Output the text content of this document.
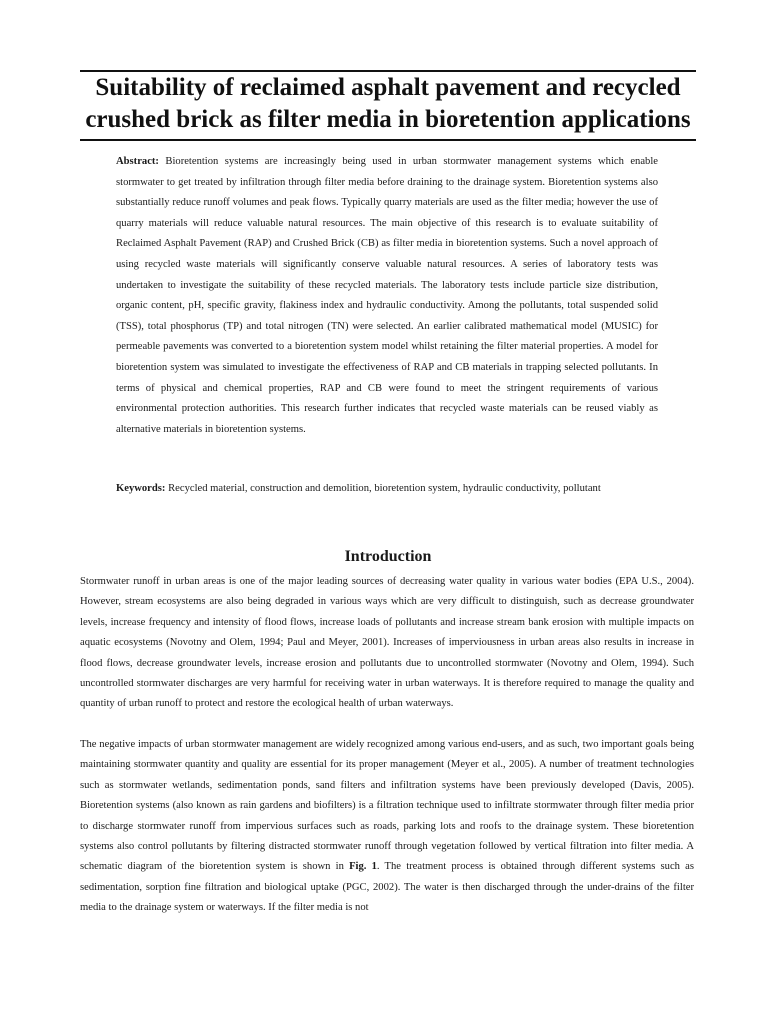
Suitability of reclaimed asphalt pavement and recycled crushed brick as filter media in bioretention applications

Abstract: Bioretention systems are increasingly being used in urban stormwater management systems which enable stormwater to get treated by infiltration through filter media before draining to the drainage system. Bioretention systems also substantially reduce runoff volumes and peak flows. Typically quarry materials are used as the filter media; however the use of quarry materials will reduce valuable natural resources. The main objective of this research is to evaluate suitability of Reclaimed Asphalt Pavement (RAP) and Crushed Brick (CB) as filter media in bioretention systems. Such a novel approach of using recycled waste materials will significantly conserve valuable natural resources. A series of laboratory tests was undertaken to investigate the suitability of these recycled materials. The laboratory tests include particle size distribution, organic content, pH, specific gravity, flakiness index and hydraulic conductivity. Among the pollutants, total suspended solid (TSS), total phosphorus (TP) and total nitrogen (TN) were selected. An earlier calibrated mathematical model (MUSIC) for permeable pavements was converted to a bioretention system model whilst retaining the filter material properties. A model for bioretention system was simulated to investigate the effectiveness of RAP and CB materials in trapping selected pollutants. In terms of physical and chemical properties, RAP and CB were found to meet the stringent requirements of various environmental protection authorities. This research further indicates that recycled waste materials can be reused viably as alternative materials in bioretention systems.

Keywords: Recycled material, construction and demolition, bioretention system, hydraulic conductivity, pollutant

Introduction

Stormwater runoff in urban areas is one of the major leading sources of decreasing water quality in various water bodies (EPA U.S., 2004). However, stream ecosystems are also being degraded in various ways which are very difficult to distinguish, such as decrease groundwater levels, increase frequency and intensity of flood flows, increase loads of pollutants and increase stream bank erosion with multiple impacts on aquatic ecosystems (Novotny and Olem, 1994; Paul and Meyer, 2001). Increases of imperviousness in urban areas also results in increase in flood flows, decrease groundwater levels, increase erosion and pollutants due to uncontrolled stormwater (Novotny and Olem, 1994). Such uncontrolled stormwater discharges are very harmful for receiving water in urban waterways. It is therefore required to manage the quality and quantity of urban runoff to protect and restore the ecological health of urban waterways.

The negative impacts of urban stormwater management are widely recognized among various end-users, and as such, two important goals being maintaining stormwater quantity and quality are essential for its proper management (Meyer et al., 2005). A number of treatment technologies such as stormwater wetlands, sedimentation ponds, sand filters and infiltration systems have been previously developed (Davis, 2005). Bioretention systems (also known as rain gardens and biofilters) is a filtration technique used to infiltrate stormwater through filter media prior to discharge stormwater runoff from impervious surfaces such as roads, parking lots and roofs to the drainage system. These bioretention systems also control pollutants by filtering distracted stormwater runoff through vegetation followed by vertical filtration into filter media. A schematic diagram of the bioretention system is shown in Fig. 1. The treatment process is obtained through different systems such as sedimentation, sorption fine filtration and biological uptake (PGC, 2002). The water is then discharged through the under-drains of the filter media to the drainage system or waterways. If the filter media is not
